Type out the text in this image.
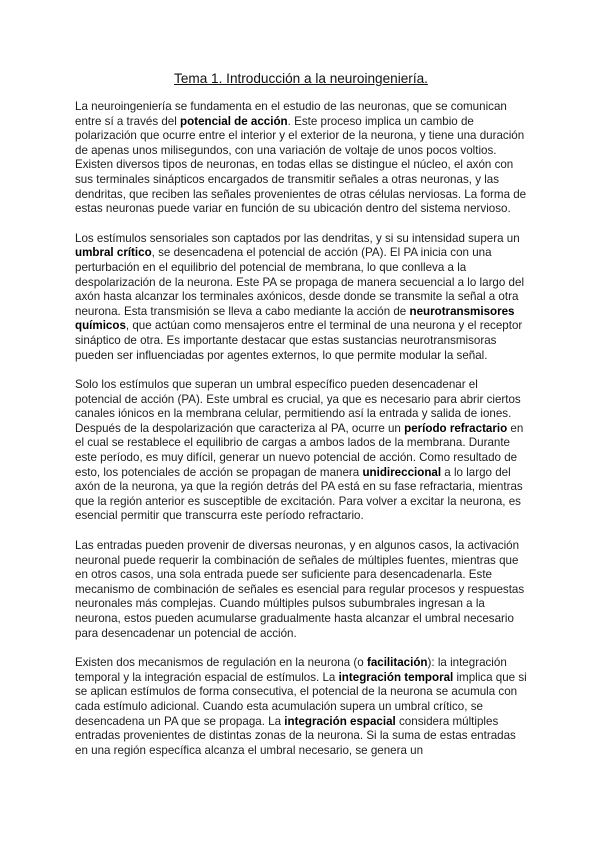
Tema 1. Introducción a la neuroingeniería.

La neuroingeniería se fundamenta en el estudio de las neuronas, que se comunican entre sí a través del potencial de acción. Este proceso implica un cambio de polarización que ocurre entre el interior y el exterior de la neurona, y tiene una duración de apenas unos milisegundos, con una variación de voltaje de unos pocos voltios. Existen diversos tipos de neuronas, en todas ellas se distingue el núcleo, el axón con sus terminales sinápticos encargados de transmitir señales a otras neuronas, y las dendritas, que reciben las señales provenientes de otras células nerviosas. La forma de estas neuronas puede variar en función de su ubicación dentro del sistema nervioso.

Los estímulos sensoriales son captados por las dendritas, y si su intensidad supera un umbral crítico, se desencadena el potencial de acción (PA). El PA inicia con una perturbación en el equilibrio del potencial de membrana, lo que conlleva a la despolarización de la neurona. Este PA se propaga de manera secuencial a lo largo del axón hasta alcanzar los terminales axónicos, desde donde se transmite la señal a otra neurona. Esta transmisión se lleva a cabo mediante la acción de neurotransmisores químicos, que actúan como mensajeros entre el terminal de una neurona y el receptor sináptico de otra. Es importante destacar que estas sustancias neurotransmisoras pueden ser influenciadas por agentes externos, lo que permite modular la señal.

Solo los estímulos que superan un umbral específico pueden desencadenar el potencial de acción (PA). Este umbral es crucial, ya que es necesario para abrir ciertos canales iónicos en la membrana celular, permitiendo así la entrada y salida de iones. Después de la despolarización que caracteriza al PA, ocurre un período refractario en el cual se restablece el equilibrio de cargas a ambos lados de la membrana. Durante este período, es muy difícil, generar un nuevo potencial de acción. Como resultado de esto, los potenciales de acción se propagan de manera unidireccional a lo largo del axón de la neurona, ya que la región detrás del PA está en su fase refractaria, mientras que la región anterior es susceptible de excitación. Para volver a excitar la neurona, es esencial permitir que transcurra este período refractario.

Las entradas pueden provenir de diversas neuronas, y en algunos casos, la activación neuronal puede requerir la combinación de señales de múltiples fuentes, mientras que en otros casos, una sola entrada puede ser suficiente para desencadenarla. Este mecanismo de combinación de señales es esencial para regular procesos y respuestas neuronales más complejas. Cuando múltiples pulsos subumbrales ingresan a la neurona, estos pueden acumularse gradualmente hasta alcanzar el umbral necesario para desencadenar un potencial de acción.

Existen dos mecanismos de regulación en la neurona (o facilitación): la integración temporal y la integración espacial de estímulos. La integración temporal implica que si se aplican estímulos de forma consecutiva, el potencial de la neurona se acumula con cada estímulo adicional. Cuando esta acumulación supera un umbral crítico, se desencadena un PA que se propaga. La integración espacial considera múltiples entradas provenientes de distintas zonas de la neurona. Si la suma de estas entradas en una región específica alcanza el umbral necesario, se genera un
